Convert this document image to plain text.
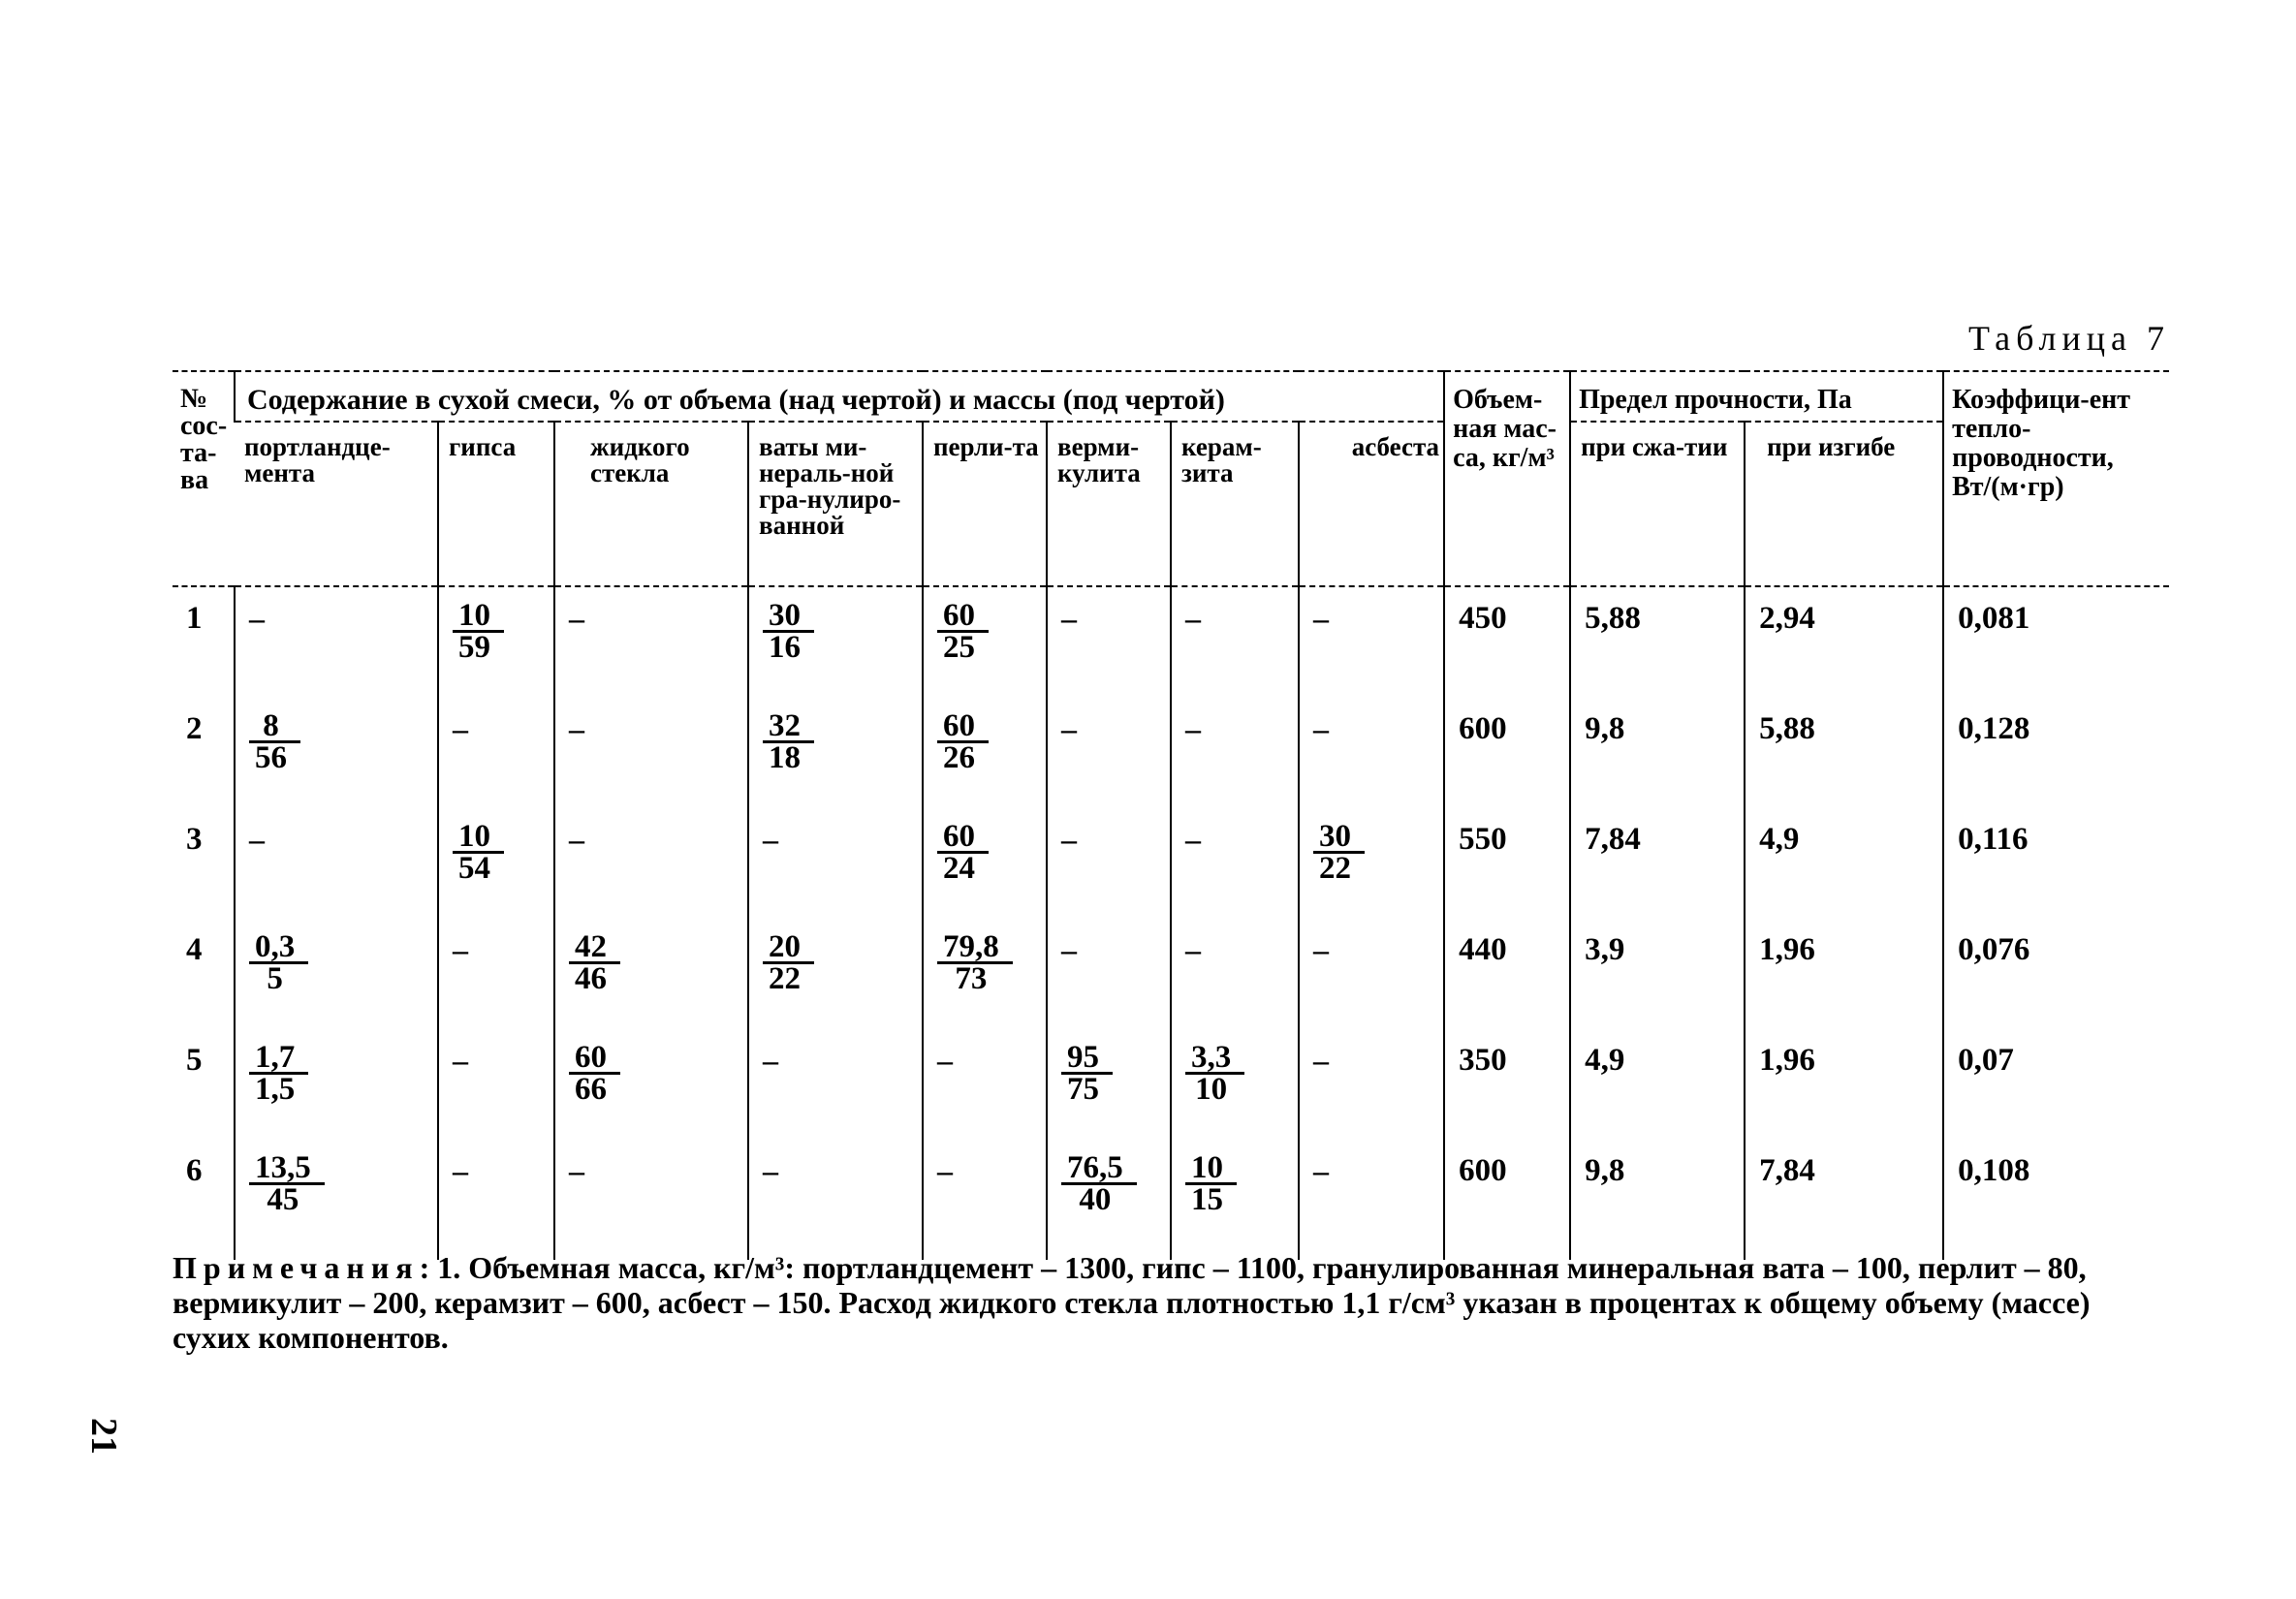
Таблица 7
№ сос-та-ва	Содержание в сухой смеси, % от объема (над чертой) и массы (под чертой)								Объем-ная мас-са, кг/м³	Предел прочности, Па		Коэффици-ент тепло-проводности, Вт/(м·гр)
	портландце-мента	гипса	жидкого стекла	ваты ми-нераль-ной гра-нулиро-ванной	перли-та	верми-кулита	керам-зита	асбеста		при сжа-тии	при изгибе	
1	–	$\frac{10}{59}$	–	$\frac{30}{16}$	$\frac{60}{25}$	–	–	–	450	5,88	2,94	0,081
2	$\frac{8}{56}$	–	–	$\frac{32}{18}$	$\frac{60}{26}$	–	–	–	600	9,8	5,88	0,128
3	–	$\frac{10}{54}$	–	–	$\frac{60}{24}$	–	–	$\frac{30}{22}$	550	7,84	4,9	0,116
4	$\frac{0,3}{5}$	–	$\frac{42}{46}$	$\frac{20}{22}$	$\frac{79,8}{73}$	–	–	–	440	3,9	1,96	0,076
5	$\frac{1,7}{1,5}$	–	$\frac{60}{66}$	–	–	$\frac{95}{75}$	$\frac{3,3}{10}$	–	350	4,9	1,96	0,07
6	$\frac{13,5}{45}$	–	–	–	–	$\frac{76,5}{40}$	$\frac{10}{15}$	–	600	9,8	7,84	0,108
Примечания: 1. Объемная масса, кг/м³: портландцемент – 1300, гипс – 1100, гранулированная минеральная вата – 100, перлит – 80, вермикулит – 200, керамзит – 600, асбест – 150. Расход жидкого стекла плотностью 1,1 г/см³ указан в процентах к общему объему (массе) сухих компонентов.
21
